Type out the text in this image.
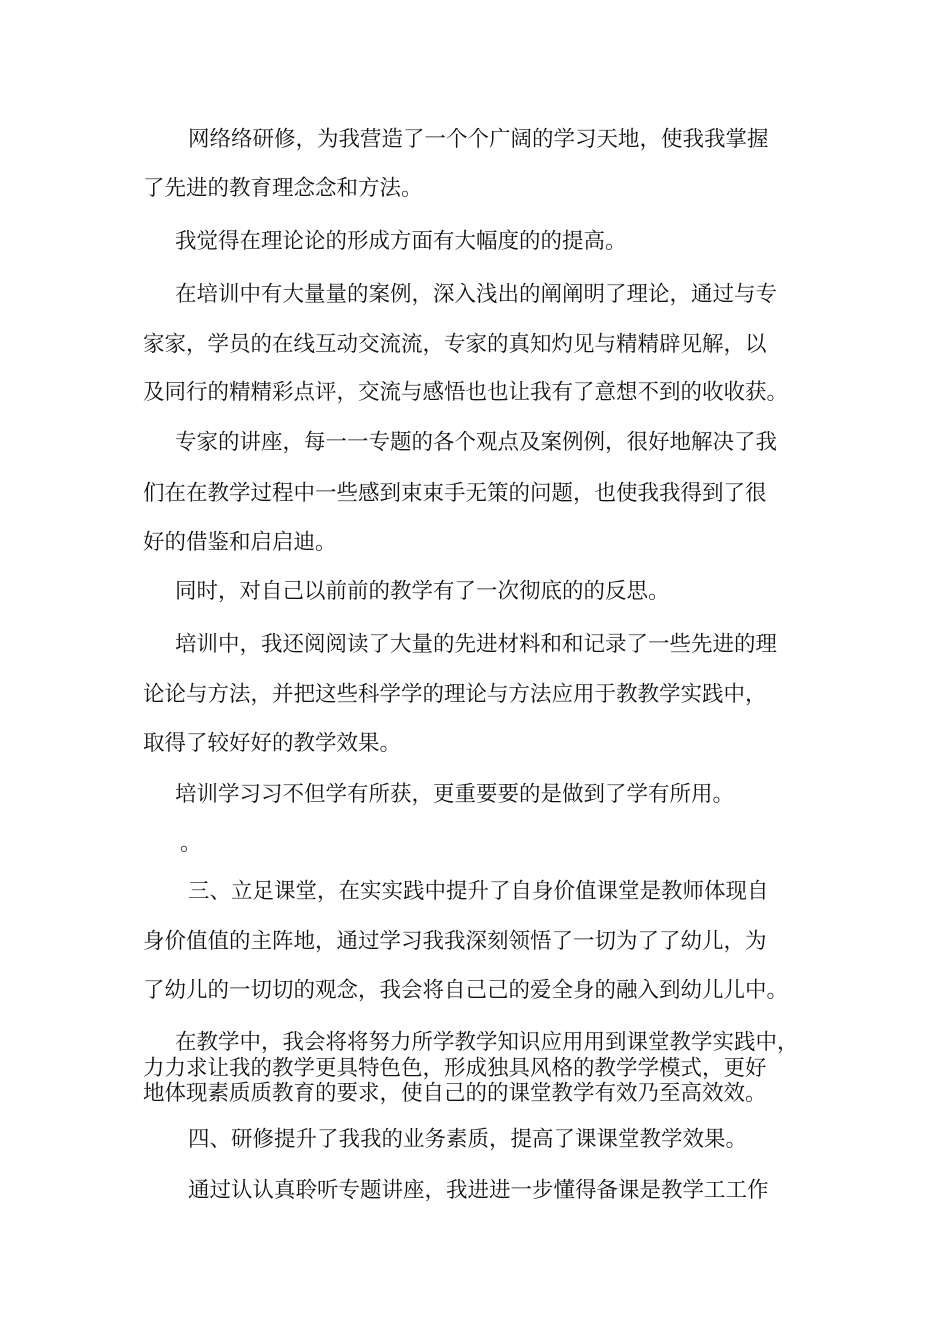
网络络研修，为我营造了一个个广阔的学习天地，使我我掌握
了先进的教育理念念和方法。
我觉得在理论论的形成方面有大幅度的的提高。
在培训中有大量量的案例，深入浅出的阐阐明了理论，通过与专
家家，学员的在线互动交流流，专家的真知灼见与精精辟见解，以
及同行的精精彩点评，交流与感悟也也让我有了意想不到的收收获。
专家的讲座，每一一专题的各个观点及案例例，很好地解决了我
们在在教学过程中一些感到束束手无策的问题，也使我我得到了很
好的借鉴和启启迪。
同时，对自己以前前的教学有了一次彻底的的反思。
培训中，我还阅阅读了大量的先进材料和和记录了一些先进的理
论论与方法，并把这些科学学的理论与方法应用于教教学实践中，
取得了较好好的教学效果。
培训学习习不但学有所获，更重要要的是做到了学有所用。
。
三、立足课堂，在实实践中提升了自身价值课堂是教师体现自
身价值值的主阵地，通过学习我我深刻领悟了一切为了了幼儿，为
了幼儿的一切切的观念，我会将自己己的爱全身的融入到幼儿儿中。

在教学中，我会将将努力所学教学知识应用用到课堂教学实践中，

力力求让我的教学更具特色色，形成独具风格的教学学模式，更好

地体现素质质教育的要求，使自己的的课堂教学有效乃至高效效。

四、研修提升了我我的业务素质，提高了课课堂教学效果。
通过认认真聆听专题讲座，我进进一步懂得备课是教学工工作
